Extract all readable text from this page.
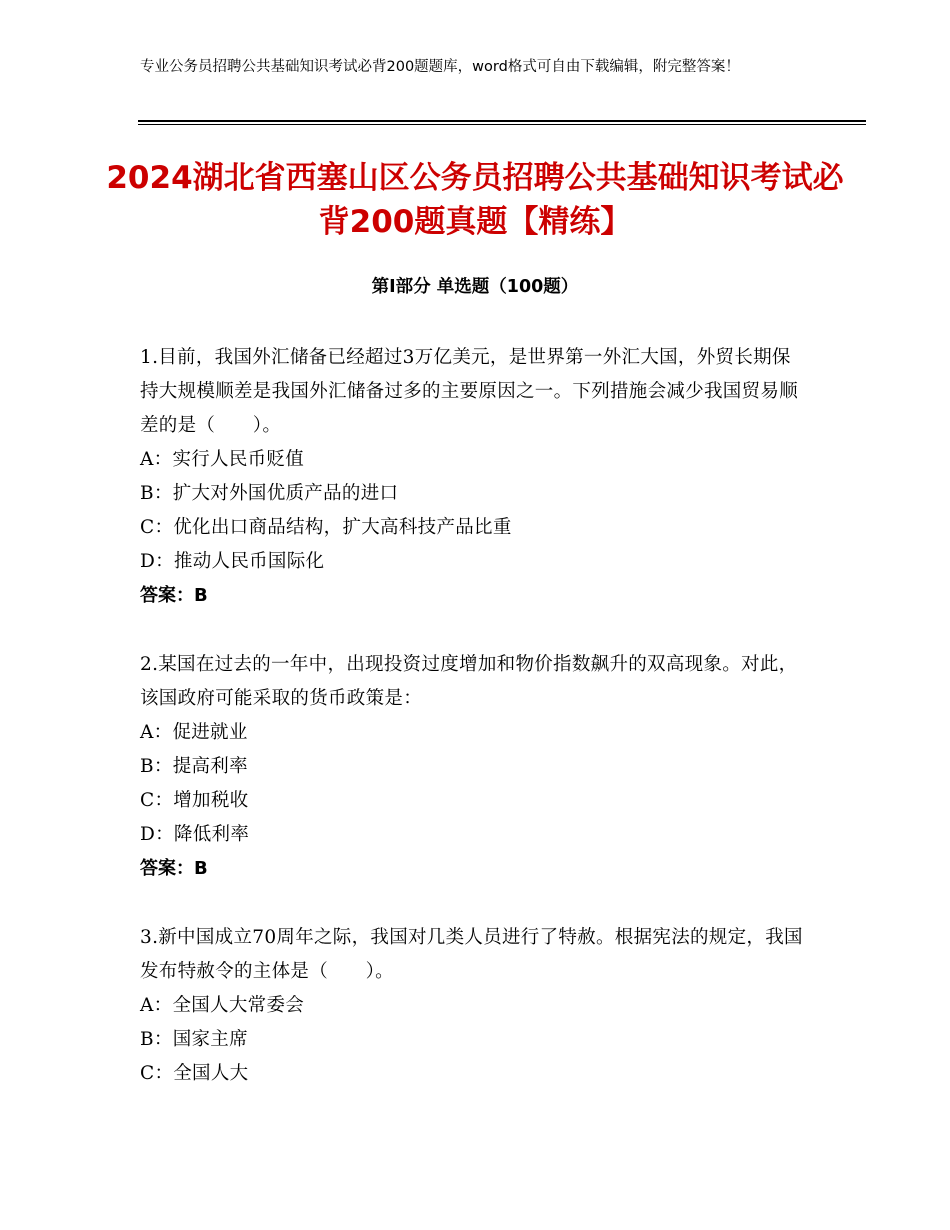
专业公务员招聘公共基础知识考试必背200题题库，word格式可自由下载编辑，附完整答案！
2024湖北省西塞山区公务员招聘公共基础知识考试必背200题真题【精练】
第Ⅰ部分 单选题（100题）
1.目前，我国外汇储备已经超过3万亿美元，是世界第一外汇大国，外贸长期保持大规模顺差是我国外汇储备过多的主要原因之一。下列措施会减少我国贸易顺差的是（　　）。
A：实行人民币贬值
B：扩大对外国优质产品的进口
C：优化出口商品结构，扩大高科技产品比重
D：推动人民币国际化
答案：B
2.某国在过去的一年中，出现投资过度增加和物价指数飙升的双高现象。对此，该国政府可能采取的货币政策是：
A：促进就业
B：提高利率
C：增加税收
D：降低利率
答案：B
3.新中国成立70周年之际，我国对几类人员进行了特赦。根据宪法的规定，我国发布特赦令的主体是（　　）。
A：全国人大常委会
B：国家主席
C：全国人大
